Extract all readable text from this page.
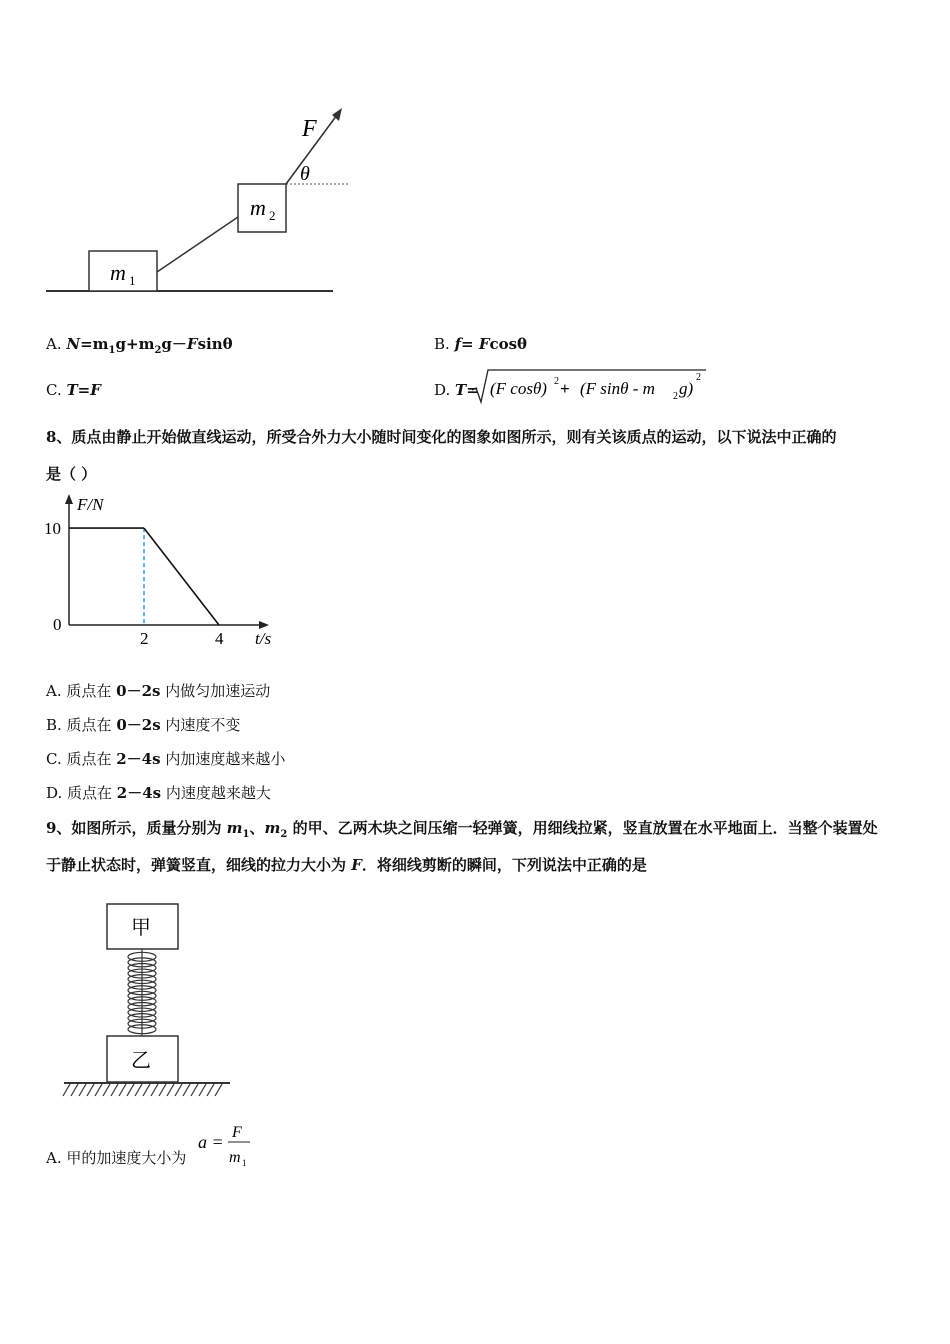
m 1
m 2
F
θ
A. $N=m_1g+m_2g-Fsin\theta$	B. f= Fcosθ
C. T=F	D. T= (F cosθ) 2 + (F sinθ - m 2 g)
2
8、质点由静止开始做直线运动，所受合外力大小随时间变化的图象如图所示，则有关该质点的运动，以下说法中正确的
是（ ）
F/N
t/s
0
10
2	4
A. 质点在 0－2s 内做匀加速运动
B. 质点在 0－2s 内速度不变
C. 质点在 2－4s 内加速度越来越小
D. 质点在 2－4s 内速度越来越大
9、如图所示，质量分别为 $m_1$、$m_2$ 的甲、乙两木块之间压缩一轻弹簧，用细线拉紧，竖直放置在水平地面上．当整个装置处
于静止状态时，弹簧竖直，细线的拉力大小为 F．将细线剪断的瞬间，下列说法中正确的是
甲
乙
A. 甲的加速度大小为
a = F
m 1
